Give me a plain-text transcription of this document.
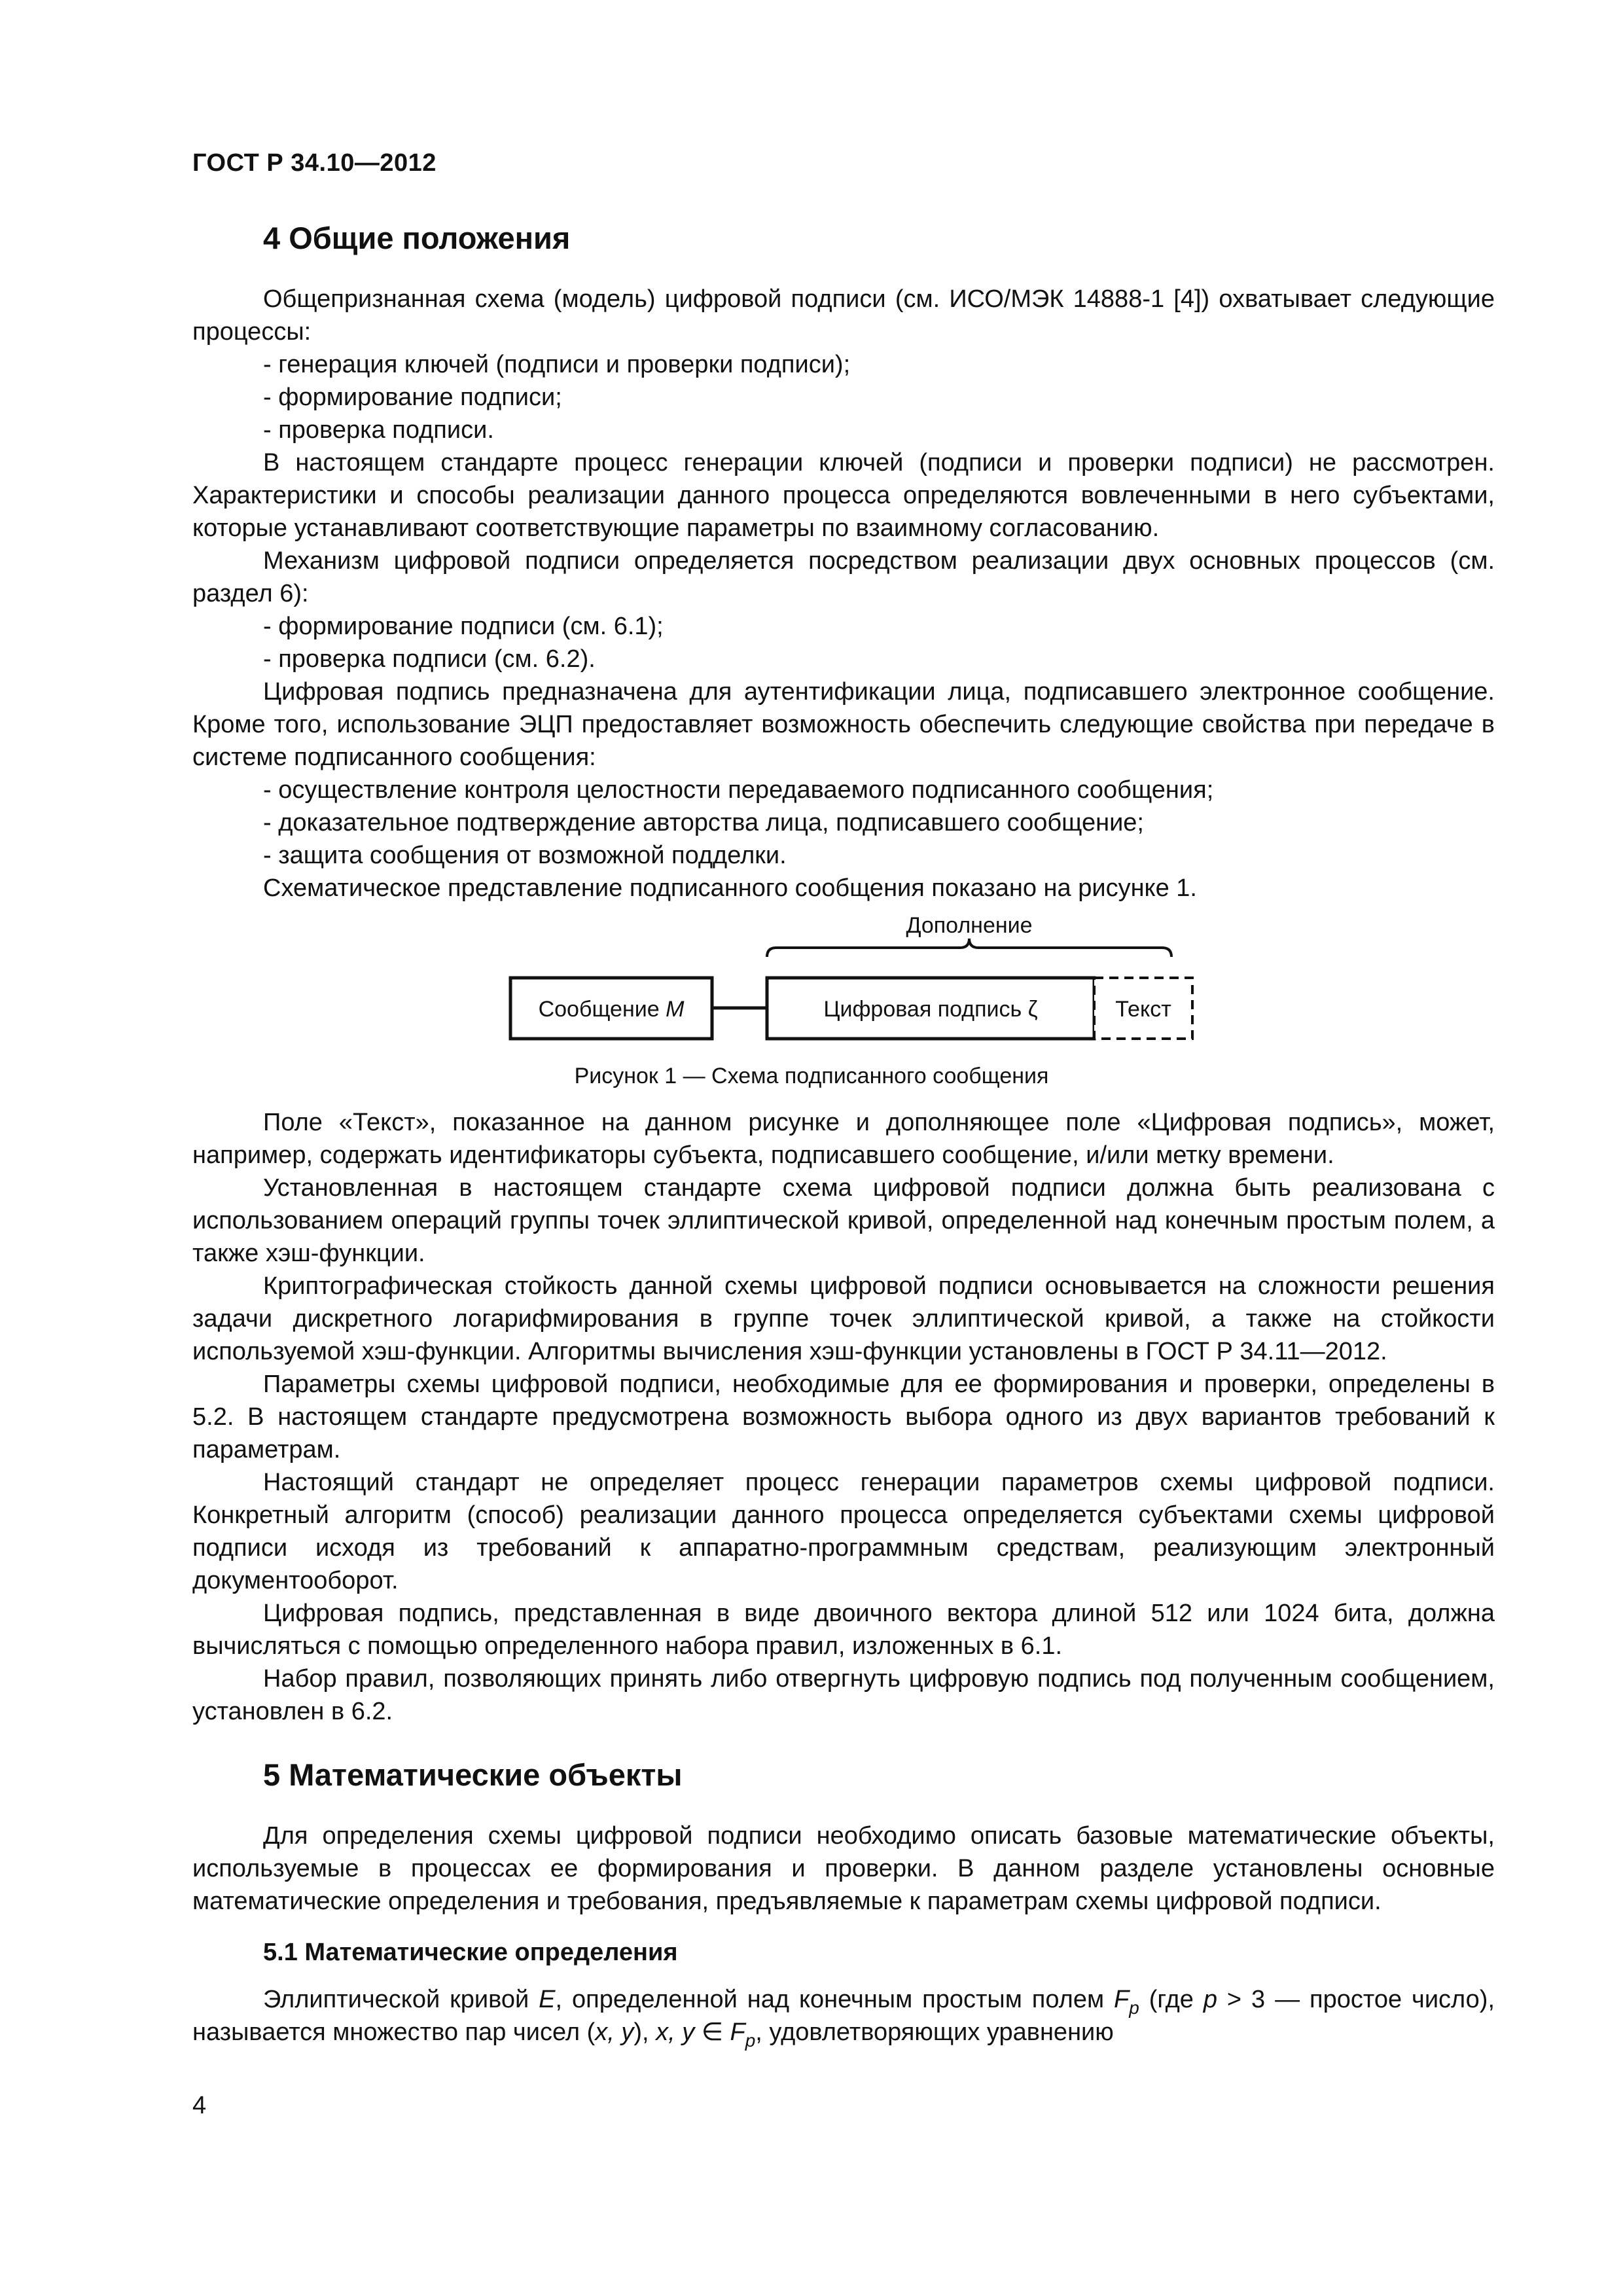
ГОСТ Р 34.10—2012
4 Общие положения

Общепризнанная схема (модель) цифровой подписи (см. ИСО/МЭК 14888-1 [4]) охватывает следующие процессы:

- генерация ключей (подписи и проверки подписи);

- формирование подписи;

- проверка подписи.

В настоящем стандарте процесс генерации ключей (подписи и проверки подписи) не рассмотрен. Характеристики и способы реализации данного процесса определяются вовлеченными в него субъектами, которые устанавливают соответствующие параметры по взаимному согласованию.

Механизм цифровой подписи определяется посредством реализации двух основных процессов (см. раздел 6):

- формирование подписи (см. 6.1);

- проверка подписи (см. 6.2).

Цифровая подпись предназначена для аутентификации лица, подписавшего электронное сообщение. Кроме того, использование ЭЦП предоставляет возможность обеспечить следующие свойства при передаче в системе подписанного сообщения:

- осуществление контроля целостности передаваемого подписанного сообщения;

- доказательное подтверждение авторства лица, подписавшего сообщение;

- защита сообщения от возможной подделки.

Схематическое представление подписанного сообщения показано на рисунке 1.

Дополнение
Сообщение M	Цифровая подпись ζ	Текст
Рисунок 1 — Схема подписанного сообщения

Поле «Текст», показанное на данном рисунке и дополняющее поле «Цифровая подпись», может, например, содержать идентификаторы субъекта, подписавшего сообщение, и/или метку времени.

Установленная в настоящем стандарте схема цифровой подписи должна быть реализована с использованием операций группы точек эллиптической кривой, определенной над конечным простым полем, а также хэш-функции.

Криптографическая стойкость данной схемы цифровой подписи основывается на сложности решения задачи дискретного логарифмирования в группе точек эллиптической кривой, а также на стойкости используемой хэш-функции. Алгоритмы вычисления хэш-функции установлены в ГОСТ Р 34.11—2012.

Параметры схемы цифровой подписи, необходимые для ее формирования и проверки, определены в 5.2. В настоящем стандарте предусмотрена возможность выбора одного из двух вариантов требований к параметрам.

Настоящий стандарт не определяет процесс генерации параметров схемы цифровой подписи. Конкретный алгоритм (способ) реализации данного процесса определяется субъектами схемы цифровой подписи исходя из требований к аппаратно-программным средствам, реализующим электронный документооборот.

Цифровая подпись, представленная в виде двоичного вектора длиной 512 или 1024 бита, должна вычисляться с помощью определенного набора правил, изложенных в 6.1.

Набор правил, позволяющих принять либо отвергнуть цифровую подпись под полученным сообщением, установлен в 6.2.

5 Математические объекты

Для определения схемы цифровой подписи необходимо описать базовые математические объекты, используемые в процессах ее формирования и проверки. В данном разделе установлены основные математические определения и требования, предъявляемые к параметрам схемы цифровой подписи.

5.1 Математические определения

Эллиптической кривой E, определенной над конечным простым полем $F_p$ (где p > 3 — простое число), называется множество пар чисел (x, y), x, y ∈ $F_p$, удовлетворяющих уравнению

4
